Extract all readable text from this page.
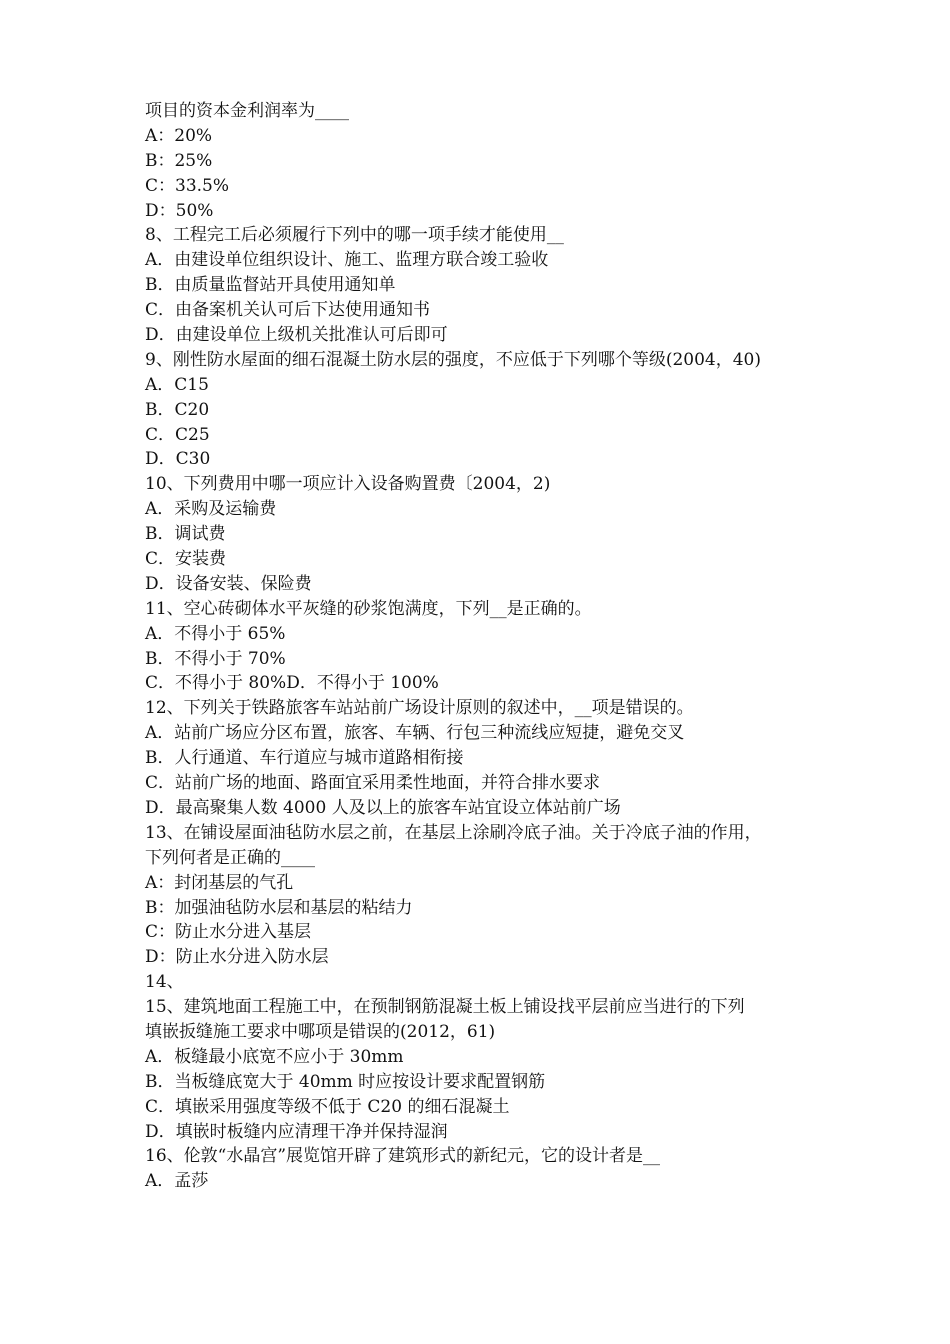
项目的资本金利润率为____
A：20%
B：25%
C：33.5%
D：50%
8、工程完工后必须履行下列中的哪一项手续才能使用__
A．由建设单位组织设计、施工、监理方联合竣工验收
B．由质量监督站开具使用通知单
C．由备案机关认可后下达使用通知书
D．由建设单位上级机关批准认可后即可
9、刚性防水屋面的细石混凝土防水层的强度，不应低于下列哪个等级(2004，40)
A．C15
B．C20
C．C25
D．C30
10、下列费用中哪一项应计入设备购置费〔2004，2)
A．采购及运输费
B．调试费
C．安装费
D．设备安装、保险费
11、空心砖砌体水平灰缝的砂浆饱满度，下列__是正确的。
A．不得小于 65%
B．不得小于 70%
C．不得小于 80%D．不得小于 100%
12、下列关于铁路旅客车站站前广场设计原则的叙述中，__项是错误的。
A．站前广场应分区布置，旅客、车辆、行包三种流线应短捷，避免交叉
B．人行通道、车行道应与城市道路相衔接
C．站前广场的地面、路面宜采用柔性地面，并符合排水要求
D．最高聚集人数 4000 人及以上的旅客车站宜设立体站前广场
13、在铺设屋面油毡防水层之前，在基层上涂刷冷底子油。关于冷底子油的作用，
下列何者是正确的____
A：封闭基层的气孔
B：加强油毡防水层和基层的粘结力
C：防止水分进入基层
D：防止水分进入防水层
14、
15、建筑地面工程施工中，在预制钢筋混凝土板上铺设找平层前应当进行的下列
填嵌扳缝施工要求中哪项是错误的(2012，61)
A．板缝最小底宽不应小于 30mm
B．当板缝底宽大于 40mm 时应按设计要求配置钢筋
C．填嵌采用强度等级不低于 C20 的细石混凝土
D．填嵌时板缝内应清理干净并保持湿润
16、伦敦“水晶宫”展览馆开辟了建筑形式的新纪元，它的设计者是__
A．孟莎
